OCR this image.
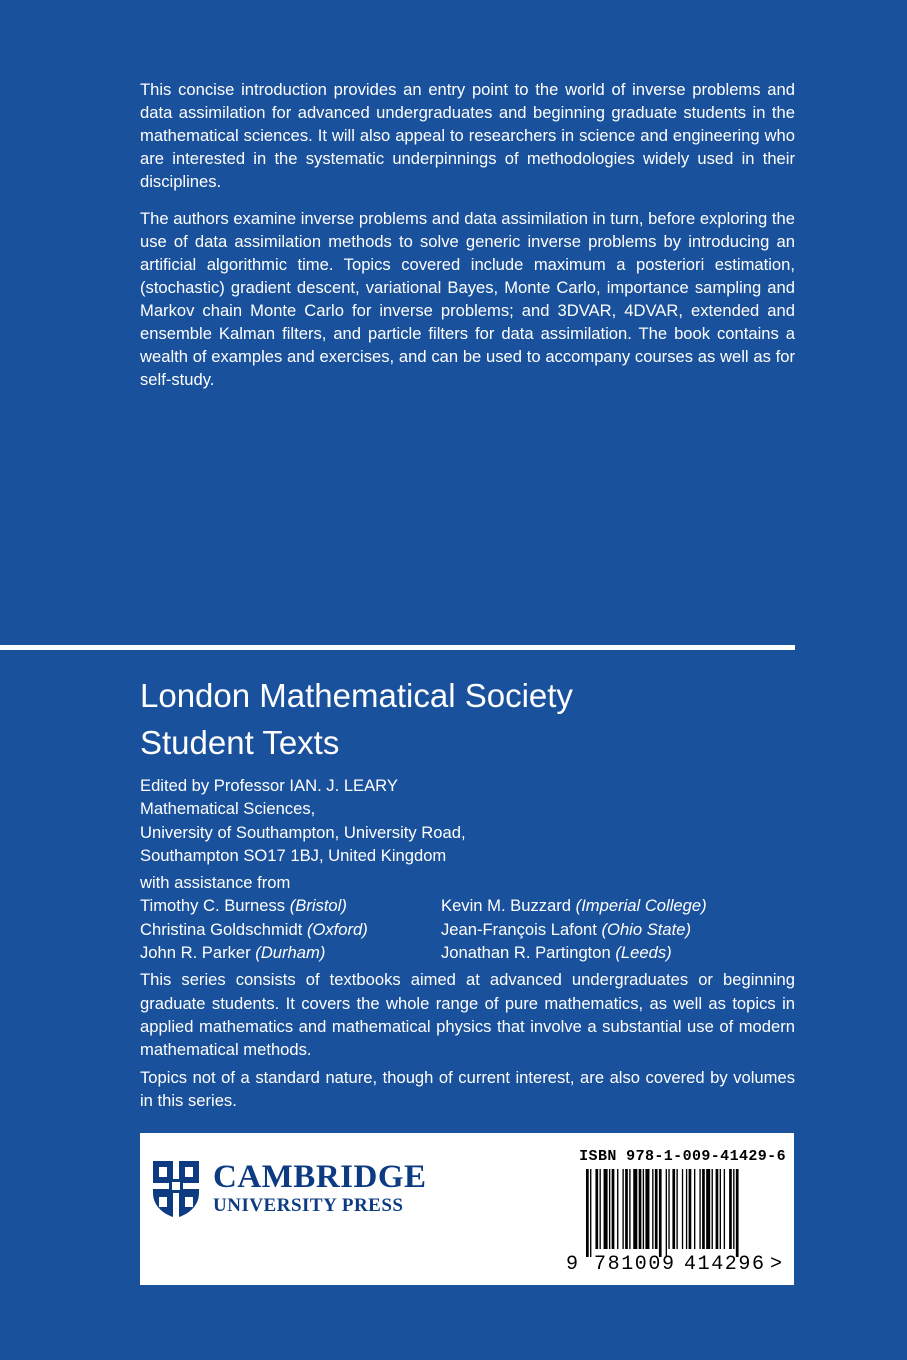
This concise introduction provides an entry point to the world of inverse problems and data assimilation for advanced undergraduates and beginning graduate students in the mathematical sciences. It will also appeal to researchers in science and engineering who are interested in the systematic underpinnings of methodologies widely used in their disciplines.

The authors examine inverse problems and data assimilation in turn, before exploring the use of data assimilation methods to solve generic inverse problems by introducing an artificial algorithmic time. Topics covered include maximum a posteriori estimation, (stochastic) gradient descent, variational Bayes, Monte Carlo, importance sampling and Markov chain Monte Carlo for inverse problems; and 3DVAR, 4DVAR, extended and ensemble Kalman filters, and particle filters for data assimilation. The book contains a wealth of examples and exercises, and can be used to accompany courses as well as for self-study.

London Mathematical Society
Student Texts
Edited by Professor IAN. J. LEARY
Mathematical Sciences,
University of Southampton, University Road,
Southampton SO17 1BJ, United Kingdom
with assistance from
Timothy C. Burness (Bristol)	Kevin M. Buzzard (Imperial College)
Christina Goldschmidt (Oxford)	Jean-François Lafont (Ohio State)
John R. Parker (Durham)	Jonathan R. Partington (Leeds)

This series consists of textbooks aimed at advanced undergraduates or beginning graduate students. It covers the whole range of pure mathematics, as well as topics in applied mathematics and mathematical physics that involve a substantial use of modern mathematical methods.

Topics not of a standard nature, though of current interest, are also covered by volumes in this series.

CAMBRIDGE
UNIVERSITY PRESS
ISBN 978-1-009-41429-6
9 781009 414296 >
